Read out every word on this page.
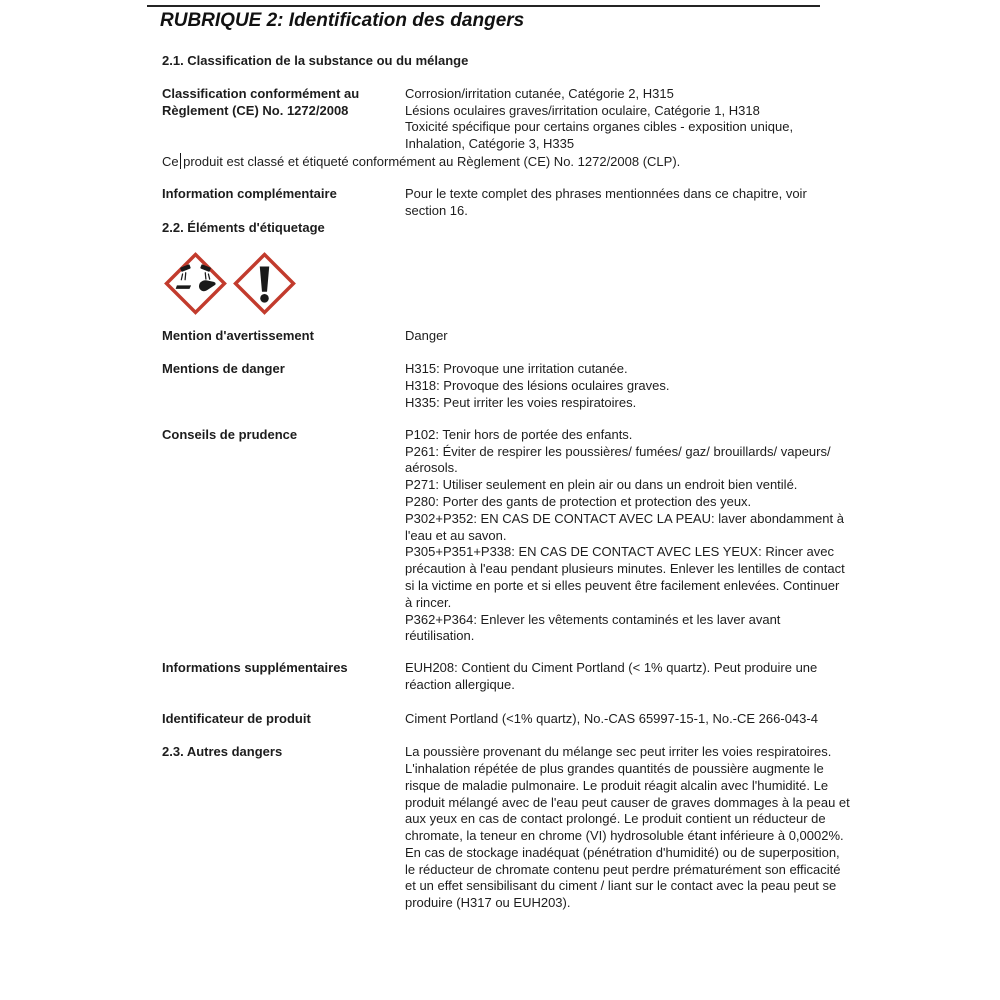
RUBRIQUE 2: Identification des dangers
2.1. Classification de la substance ou du mélange
Classification conformément au Règlement (CE) No. 1272/2008
Corrosion/irritation cutanée, Catégorie 2, H315
Lésions oculaires graves/irritation oculaire, Catégorie 1, H318
Toxicité spécifique pour certains organes cibles - exposition unique, Inhalation, Catégorie 3, H335

Ce produit est classé et étiqueté conformément au Règlement (CE) No. 1272/2008 (CLP).

Information complémentaire	Pour le texte complet des phrases mentionnées dans ce chapitre, voir section 16.
2.2. Éléments d'étiquetage
Mention d'avertissement	Danger
Mentions de danger	H315: Provoque une irritation cutanée.
H318: Provoque des lésions oculaires graves.
H335: Peut irriter les voies respiratoires.
Conseils de prudence	P102: Tenir hors de portée des enfants.
P261: Éviter de respirer les poussières/ fumées/ gaz/ brouillards/ vapeurs/ aérosols.
P271: Utiliser seulement en plein air ou dans un endroit bien ventilé.
P280: Porter des gants de protection et protection des yeux.
P302+P352: EN CAS DE CONTACT AVEC LA PEAU: laver abondamment à l'eau et au savon.
P305+P351+P338: EN CAS DE CONTACT AVEC LES YEUX: Rincer avec précaution à l'eau pendant plusieurs minutes. Enlever les lentilles de contact si la victime en porte et si elles peuvent être facilement enlevées. Continuer à rincer.
P362+P364: Enlever les vêtements contaminés et les laver avant réutilisation.
Informations supplémentaires	EUH208: Contient du Ciment Portland (< 1% quartz). Peut produire une réaction allergique.
Identificateur de produit	Ciment Portland (<1% quartz), No.-CAS 65997-15-1, No.-CE 266-043-4
2.3. Autres dangers	La poussière provenant du mélange sec peut irriter les voies respiratoires. L'inhalation répétée de plus grandes quantités de poussière augmente le risque de maladie pulmonaire. Le produit réagit alcalin avec l'humidité. Le produit mélangé avec de l'eau peut causer de graves dommages à la peau et aux yeux en cas de contact prolongé. Le produit contient un réducteur de chromate, la teneur en chrome (VI) hydrosoluble étant inférieure à 0,0002%. En cas de stockage inadéquat (pénétration d'humidité) ou de superposition, le réducteur de chromate contenu peut perdre prématurément son efficacité et un effet sensibilisant du ciment / liant sur le contact avec la peau peut se produire (H317 ou EUH203).
